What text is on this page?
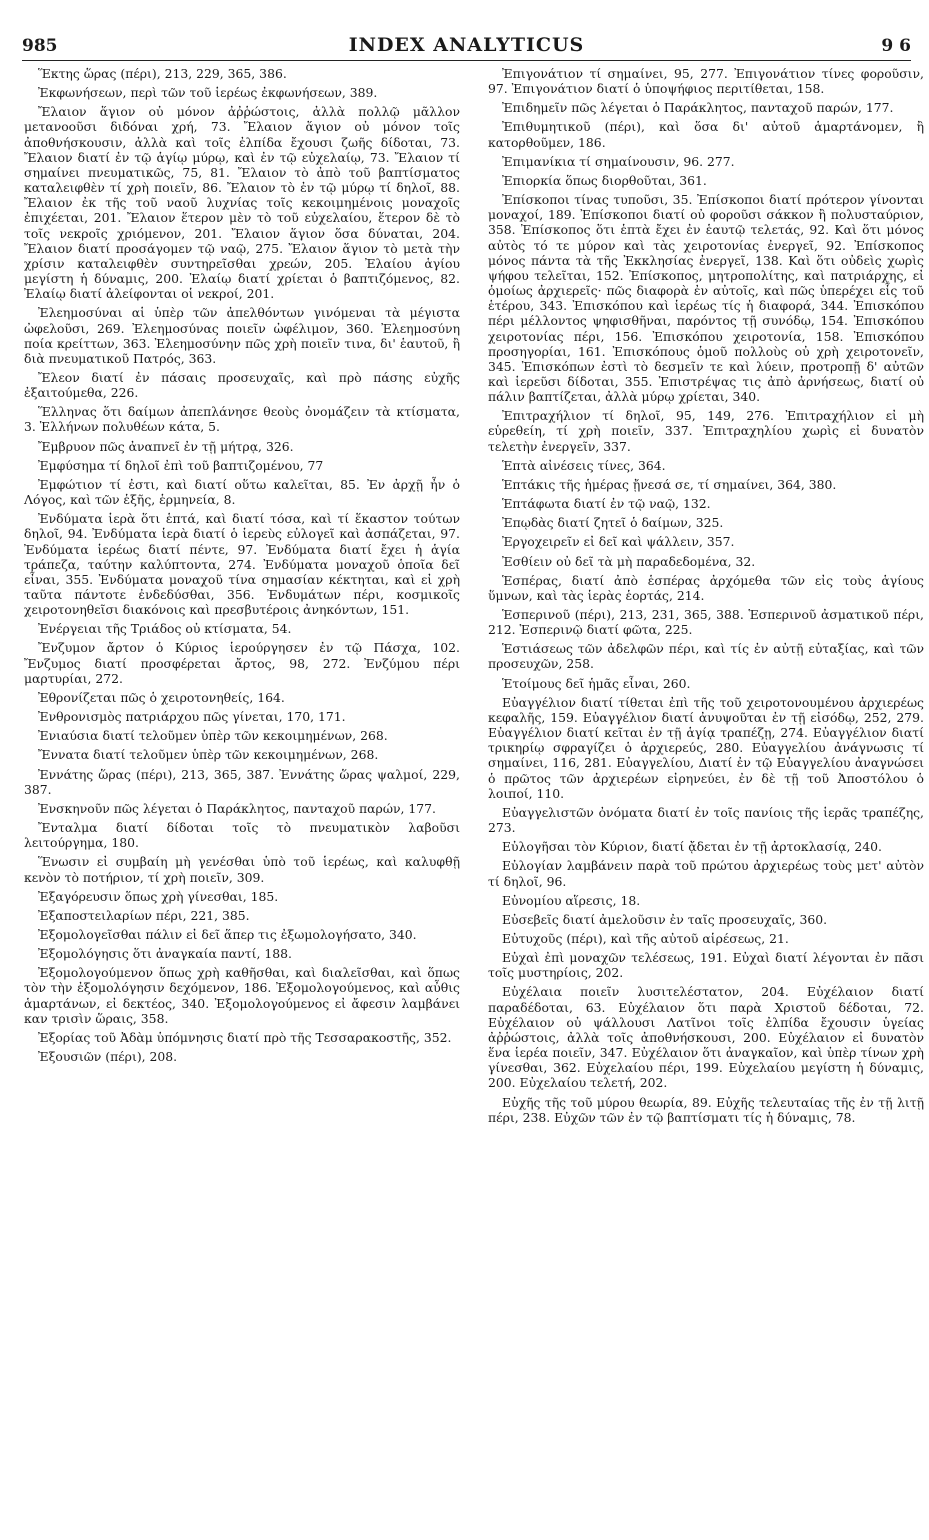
985	INDEX ANALYTICUS	9 6

Ἕκτης ὥρας (πέρι), 213, 229, 365, 386.

Ἐκφωνήσεων, περὶ τῶν τοῦ ἱερέως ἐκφωνήσεων, 389.

Ἔλαιον ἅγιον οὐ μόνον ἀῤῥώστοις, ἀλλὰ πολλῷ μᾶλλον μετανοοῦσι διδόναι χρή, 73. Ἔλαιον ἅγιον οὐ μόνον τοῖς ἀποθνήσκουσιν, ἀλλὰ καὶ τοῖς ἐλπίδα ἔχουσι ζωῆς δίδοται, 73. Ἔλαιον διατί ἐν τῷ ἁγίῳ μύρῳ, καὶ ἐν τῷ εὐχελαίῳ, 73. Ἔλαιον τί σημαίνει πνευματικῶς, 75, 81. Ἔλαιον τὸ ἀπὸ τοῦ βαπτίσματος καταλειφθὲν τί χρὴ ποιεῖν, 86. Ἔλαιον τὸ ἐν τῷ μύρῳ τί δηλοῖ, 88. Ἔλαιον ἐκ τῆς τοῦ ναοῦ λυχνίας τοῖς κεκοιμημένοις μοναχοῖς ἐπιχέεται, 201. Ἔλαιον ἕτερον μὲν τὸ τοῦ εὐχελαίου, ἕτερον δὲ τὸ τοῖς νεκροῖς χριόμενον, 201. Ἔλαιον ἅγιον ὅσα δύναται, 204. Ἔλαιον διατί προσάγομεν τῷ ναῷ, 275. Ἔλαιον ἅγιον τὸ μετὰ τὴν χρίσιν καταλειφθὲν συντηρεῖσθαι χρεών, 205. Ἐλαίου ἁγίου μεγίστη ἡ δύναμις, 200. Ἐλαίῳ διατί χρίεται ὁ βαπτιζόμενος, 82. Ἐλαίῳ διατί ἀλείφονται οἱ νεκροί, 201.

Ἐλεημοσύναι αἱ ὑπὲρ τῶν ἀπελθόντων γινόμεναι τὰ μέγιστα ὠφελοῦσι, 269. Ἐλεημοσύνας ποιεῖν ὠφέλιμον, 360. Ἐλεημοσύνη ποία κρείττων, 363. Ἐλεημοσύνην πῶς χρὴ ποιεῖν τινα, δι' ἑαυτοῦ, ἢ διὰ πνευματικοῦ Πατρός, 363.

Ἔλεον διατί ἐν πάσαις προσευχαῖς, καὶ πρὸ πάσης εὐχῆς ἐξαιτούμεθα, 226.

Ἕλληνας ὅτι δαίμων ἀπεπλάνησε θεοὺς ὀνομάζειν τὰ κτίσματα, 3. Ἑλλήνων πολυθέων κάτα, 5.

Ἔμβρυον πῶς ἀναπνεῖ ἐν τῇ μήτρᾳ, 326.

Ἐμφύσημα τί δηλοῖ ἐπὶ τοῦ βαπτιζομένου, 77

Ἐμφώτιον τί ἐστι, καὶ διατί οὕτω καλεῖται, 85. Ἐν ἀρχῇ ἦν ὁ Λόγος, καὶ τῶν ἑξῆς, ἑρμηνεία, 8.

Ἐνδύματα ἱερὰ ὅτι ἑπτά, καὶ διατί τόσα, καὶ τί ἕκαστον τούτων δηλοῖ, 94. Ἐνδύματα ἱερὰ διατί ὁ ἱερεὺς εὐλογεῖ καὶ ἀσπάζεται, 97. Ἐνδύματα ἱερέως διατί πέντε, 97. Ἐνδύματα διατί ἔχει ἡ ἁγία τράπεζα, ταύτην καλύπτοντα, 274. Ἐνδύματα μοναχοῦ ὁποῖα δεῖ εἶναι, 355. Ἐνδύματα μοναχοῦ τίνα σημασίαν κέκτηται, καὶ εἰ χρὴ ταῦτα πάντοτε ἐνδεδύσθαι, 356. Ἐνδυμάτων πέρι, κοσμικοῖς χειροτονηθεῖσι διακόνοις καὶ πρεσβυτέροις ἀνηκόντων, 151.

Ἐνέργειαι τῆς Τριάδος οὐ κτίσματα, 54.

Ἔνζυμον ἄρτον ὁ Κύριος ἱερούργησεν ἐν τῷ Πάσχα, 102. Ἔνζυμος διατί προσφέρεται ἄρτος, 98, 272. Ἐνζύμου πέρι μαρτυρίαι, 272.

Ἐθρονίζεται πῶς ὁ χειροτονηθείς, 164.

Ἐνθρονισμὸς πατριάρχου πῶς γίνεται, 170, 171.

Ἐνιαύσια διατί τελοῦμεν ὑπὲρ τῶν κεκοιμημένων, 268.

Ἔννατα διατί τελοῦμεν ὑπὲρ τῶν κεκοιμημένων, 268.

Ἐννάτης ὥρας (πέρι), 213, 365, 387. Ἐννάτης ὥρας ψαλμοί, 229, 387.

Ἐνσκηνοῦν πῶς λέγεται ὁ Παράκλητος, πανταχοῦ παρών, 177.

Ἔνταλμα διατί δίδοται τοῖς τὸ πνευματικὸν λαβοῦσι λειτούργημα, 180.

Ἕνωσιν εἰ συμβαίη μὴ γενέσθαι ὑπὸ τοῦ ἱερέως, καὶ καλυφθῇ κενὸν τὸ ποτήριον, τί χρὴ ποιεῖν, 309.

Ἐξαγόρευσιν ὅπως χρὴ γίνεσθαι, 185.

Ἐξαποστειλαρίων πέρι, 221, 385.

Ἐξομολογεῖσθαι πάλιν εἰ δεῖ ἅπερ τις ἐξωμολογήσατο, 340.

Ἐξομολόγησις ὅτι ἀναγκαία παντί, 188.

Ἐξομολογούμενον ὅπως χρὴ καθῆσθαι, καὶ διαλεῖσθαι, καὶ ὅπως τὸν τὴν ἐξομολόγησιν δεχόμενον, 186. Ἐξομολογούμενος, καὶ αὖθις ἁμαρτάνων, εἰ δεκτέος, 340. Ἐξομολογούμενος εἰ ἄφεσιν λαμβάνει καν τρισὶν ὥραις, 358.

Ἐξορίας τοῦ Ἀδὰμ ὑπόμνησις διατί πρὸ τῆς Τεσσαρακοστῆς, 352.

Ἐξουσιῶν (πέρι), 208.

Ἐπιγονάτιον τί σημαίνει, 95, 277. Ἐπιγονάτιον τίνες φοροῦσιν, 97. Ἐπιγονάτιον διατί ὁ ὑποψήφιος περιτίθεται, 158.

Ἐπιδημεῖν πῶς λέγεται ὁ Παράκλητος, πανταχοῦ παρών, 177.

Ἐπιθυμητικοῦ (πέρι), καὶ ὅσα δι' αὐτοῦ ἁμαρτάνομεν, ἢ κατορθοῦμεν, 186.

Ἐπιμανίκια τί σημαίνουσιν, 96. 277.

Ἐπιορκία ὅπως διορθοῦται, 361.

Ἐπίσκοποι τίνας τυποῦσι, 35. Ἐπίσκοποι διατί πρότερον γίνονται μοναχοί, 189. Ἐπίσκοποι διατί οὐ φοροῦσι σάκκον ἢ πολυσταύριον, 358. Ἐπίσκοπος ὅτι ἑπτὰ ἔχει ἐν ἑαυτῷ τελετάς, 92. Καὶ ὅτι μόνος αὐτὸς τό τε μύρον καὶ τὰς χειροτονίας ἐνεργεῖ, 92. Ἐπίσκοπος μόνος πάντα τὰ τῆς Ἐκκλησίας ἐνεργεῖ, 138. Καὶ ὅτι οὐδεὶς χωρὶς ψήφου τελεῖται, 152. Ἐπίσκοπος, μητροπολίτης, καὶ πατριάρχης, εἰ ὁμοίως ἀρχιερεῖς· πῶς διαφορὰ ἐν αὐτοῖς, καὶ πῶς ὑπερέχει εἷς τοῦ ἑτέρου, 343. Ἐπισκόπου καὶ ἱερέως τίς ἡ διαφορά, 344. Ἐπισκόπου πέρι μέλλοντος ψηφισθῆναι, παρόντος τῇ συνόδῳ, 154. Ἐπισκόπου χειροτονίας πέρι, 156. Ἐπισκόπου χειροτονία, 158. Ἐπισκόπου προσηγορίαι, 161. Ἐπισκόπους ὁμοῦ πολλοὺς οὐ χρὴ χειροτονεῖν, 345. Ἐπισκόπων ἐστὶ τὸ δεσμεῖν τε καὶ λύειν, προτροπῇ δ' αὐτῶν καὶ ἱερεῦσι δίδοται, 355. Ἐπιστρέψας τις ἀπὸ ἀρνήσεως, διατί οὐ πάλιν βαπτίζεται, ἀλλὰ μύρῳ χρίεται, 340.

Ἐπιτραχήλιον τί δηλοῖ, 95, 149, 276. Ἐπιτραχήλιον εἰ μὴ εὑρεθείη, τί χρὴ ποιεῖν, 337. Ἐπιτραχηλίου χωρὶς εἰ δυνατὸν τελετὴν ἐνεργεῖν, 337.

Ἑπτὰ αἰνέσεις τίνες, 364.

Ἑπτάκις τῆς ἡμέρας ᾔνεσά σε, τί σημαίνει, 364, 380.

Ἑπτάφωτα διατί ἐν τῷ ναῷ, 132.

Ἐπῳδὰς διατί ζητεῖ ὁ δαίμων, 325.

Ἐργοχειρεῖν εἰ δεῖ καὶ ψάλλειν, 357.

Ἐσθίειν οὐ δεῖ τὰ μὴ παραδεδομένα, 32.

Ἑσπέρας, διατί ἀπὸ ἑσπέρας ἀρχόμεθα τῶν εἰς τοὺς ἁγίους ὕμνων, καὶ τὰς ἱερὰς ἑορτάς, 214.

Ἑσπερινοῦ (πέρι), 213, 231, 365, 388. Ἑσπερινοῦ ἀσματικοῦ πέρι, 212. Ἑσπερινῷ διατί φῶτα, 225.

Ἑστιάσεως τῶν ἀδελφῶν πέρι, καὶ τίς ἐν αὐτῇ εὐταξίας, καὶ τῶν προσευχῶν, 258.

Ἑτοίμους δεῖ ἡμᾶς εἶναι, 260.

Εὐαγγέλιον διατί τίθεται ἐπὶ τῆς τοῦ χειροτονουμένου ἀρχιερέως κεφαλῆς, 159. Εὐαγγέλιον διατί ἀνυψοῦται ἐν τῇ εἰσόδῳ, 252, 279. Εὐαγγέλιον διατί κεῖται ἐν τῇ ἁγίᾳ τραπέζῃ, 274. Εὐαγγέλιον διατί τρικηρίῳ σφραγίζει ὁ ἀρχιερεύς, 280. Εὐαγγελίου ἀνάγνωσις τί σημαίνει, 116, 281. Εὐαγγελίου, Διατί ἐν τῷ Εὐαγγελίου ἀναγνώσει ὁ πρῶτος τῶν ἀρχιερέων εἰρηνεύει, ἐν δὲ τῇ τοῦ Ἀποστόλου ὁ λοιποί, 110.

Εὐαγγελιστῶν ὀνόματα διατί ἐν τοῖς πανίοις τῆς ἱερᾶς τραπέζης, 273.

Εὐλογῆσαι τὸν Κύριον, διατί ᾄδεται ἐν τῇ ἀρτοκλασίᾳ, 240.

Εὐλογίαν λαμβάνειν παρὰ τοῦ πρώτου ἀρχιερέως τοὺς μετ' αὐτὸν τί δηλοῖ, 96.

Εὐνομίου αἵρεσις, 18.

Εὐσεβεῖς διατί ἀμελοῦσιν ἐν ταῖς προσευχαῖς, 360.

Εὐτυχοῦς (πέρι), καὶ τῆς αὐτοῦ αἱρέσεως, 21.

Εὐχαὶ ἐπὶ μοναχῶν τελέσεως, 191. Εὐχαὶ διατί λέγονται ἐν πᾶσι τοῖς μυστηρίοις, 202.

Εὐχέλαια ποιεῖν λυσιτελέστατον, 204. Εὐχέλαιον διατί παραδέδοται, 63. Εὐχέλαιον ὅτι παρὰ Χριστοῦ δέδοται, 72. Εὐχέλαιον οὐ ψάλλουσι Λατῖνοι τοῖς ἐλπίδα ἔχουσιν ὑγείας ἀῤῥώστοις, ἀλλὰ τοῖς ἀποθνήσκουσι, 200. Εὐχέλαιον εἰ δυνατὸν ἕνα ἱερέα ποιεῖν, 347. Εὐχέλαιον ὅτι ἀναγκαῖον, καὶ ὑπὲρ τίνων χρὴ γίνεσθαι, 362. Εὐχελαίου πέρι, 199. Εὐχελαίου μεγίστη ἡ δύναμις, 200. Εὐχελαίου τελετή, 202.

Εὐχῆς τῆς τοῦ μύρου θεωρία, 89. Εὐχῆς τελευταίας τῆς ἐν τῇ λιτῇ πέρι, 238. Εὐχῶν τῶν ἐν τῷ βαπτίσματι τίς ἡ δύναμις, 78.
